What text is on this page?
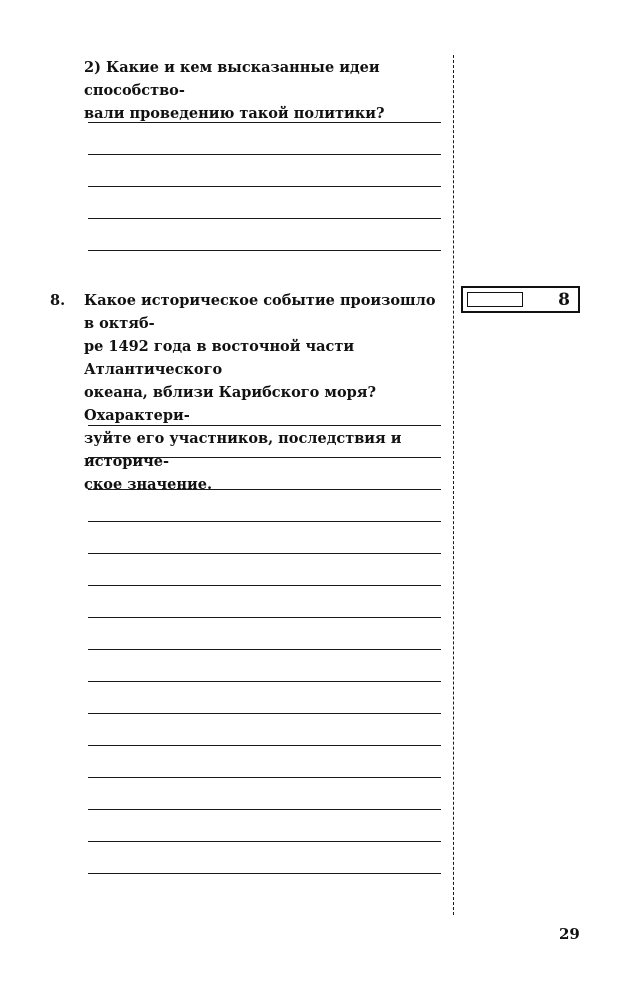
2) Какие и кем высказанные идеи способство-
вали проведению такой политики?
8. Какое историческое событие произошло в октяб-
ре 1492 года в восточной части Атлантического
океана, вблизи Карибского моря? Охарактери-
зуйте его участников, последствия и историче-
ское значение.
8
29
